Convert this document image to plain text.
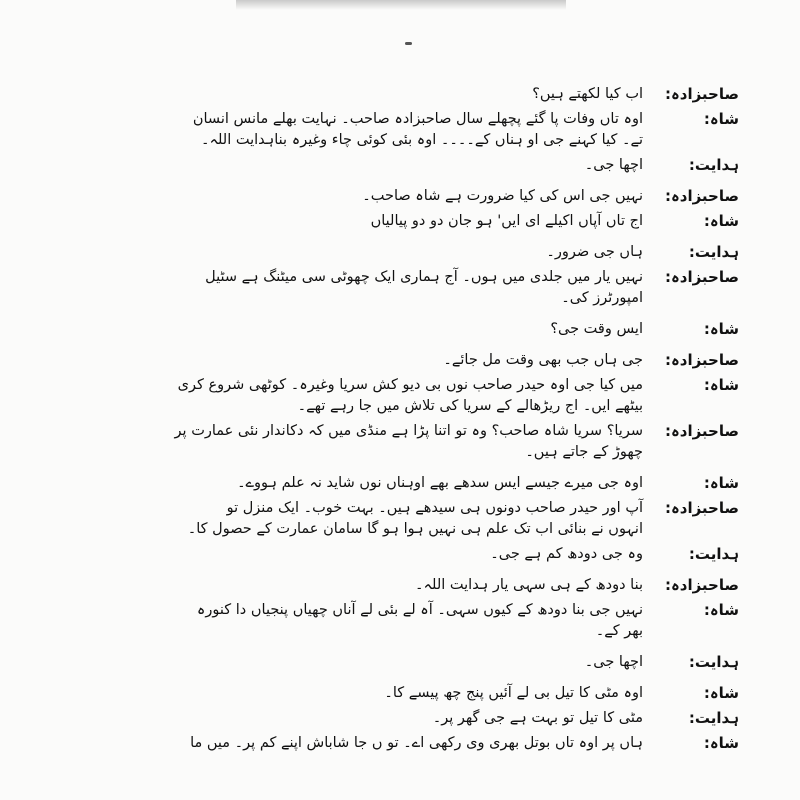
صاحبزادہ:
اب کیا لکھتے ہیں؟
شاہ:
اوہ تاں وفات پا گئے پچھلے سال صاحبزادہ صاحب۔ نہایت بھلے مانس انسان
تے۔ کیا کہنے جی او ہناں کے۔۔۔۔ اوہ بئی کوئی چاء وغیرہ بناہدایت اللہ۔
ہدایت:
اچھا جی۔
صاحبزادہ:
نہیں جی اس کی کیا ضرورت ہے شاہ صاحب۔
شاہ:
اج تاں آپاں اکیلے ای ایں' ہو جان دو دو پیالیاں
ہدایت:
ہاں جی ضرور۔
صاحبزادہ:
نہیں یار میں جلدی میں ہوں۔ آج ہماری ایک چھوٹی سی میٹنگ ہے سٹیل
امپورٹرز کی۔
شاہ:
ایس وقت جی؟
صاحبزادہ:
جی ہاں جب بھی وقت مل جائے۔
شاہ:
میں کیا جی اوہ حیدر صاحب نوں بی دیو کش سریا وغیرہ۔ کوٹھی شروع کری
بیٹھے ایں۔ اج ریڑھالے کے سریا کی تلاش میں جا رہے تھے۔
صاحبزادہ:
سریا؟ سریا شاہ صاحب؟ وہ تو اتنا پڑا ہے منڈی میں کہ دکاندار نئی عمارت پر
چھوڑ کے جاتے ہیں۔
شاہ:
اوہ جی میرے جیسے ایس سدھے بھے اوہناں نوں شاید نہ علم ہووے۔
صاحبزادہ:
آپ اور حیدر صاحب دونوں ہی سیدھے ہیں۔ بہت خوب۔ ایک منزل تو
انہوں نے بنائی اب تک علم ہی نہیں ہوا ہو گا سامان عمارت کے حصول کا۔
ہدایت:
وہ جی دودھ کم ہے جی۔
صاحبزادہ:
بنا دودھ کے ہی سہی یار ہدایت اللہ۔
شاہ:
نہیں جی بنا دودھ کے کیوں سہی۔ آہ لے بئی لے آناں چھیاں پنجیاں دا کنورہ
بھر کے۔
ہدایت:
اچھا جی۔
شاہ:
اوہ مٹی کا تیل بی لے آئیں پنج چھ پیسے کا۔
ہدایت:
مٹی کا تیل تو بہت ہے جی گھر پر۔
شاہ:
ہاں پر اوہ تاں بوتل بھری وی رکھی اے۔ تو ں جا شاباش اپنے کم پر۔ میں ما
